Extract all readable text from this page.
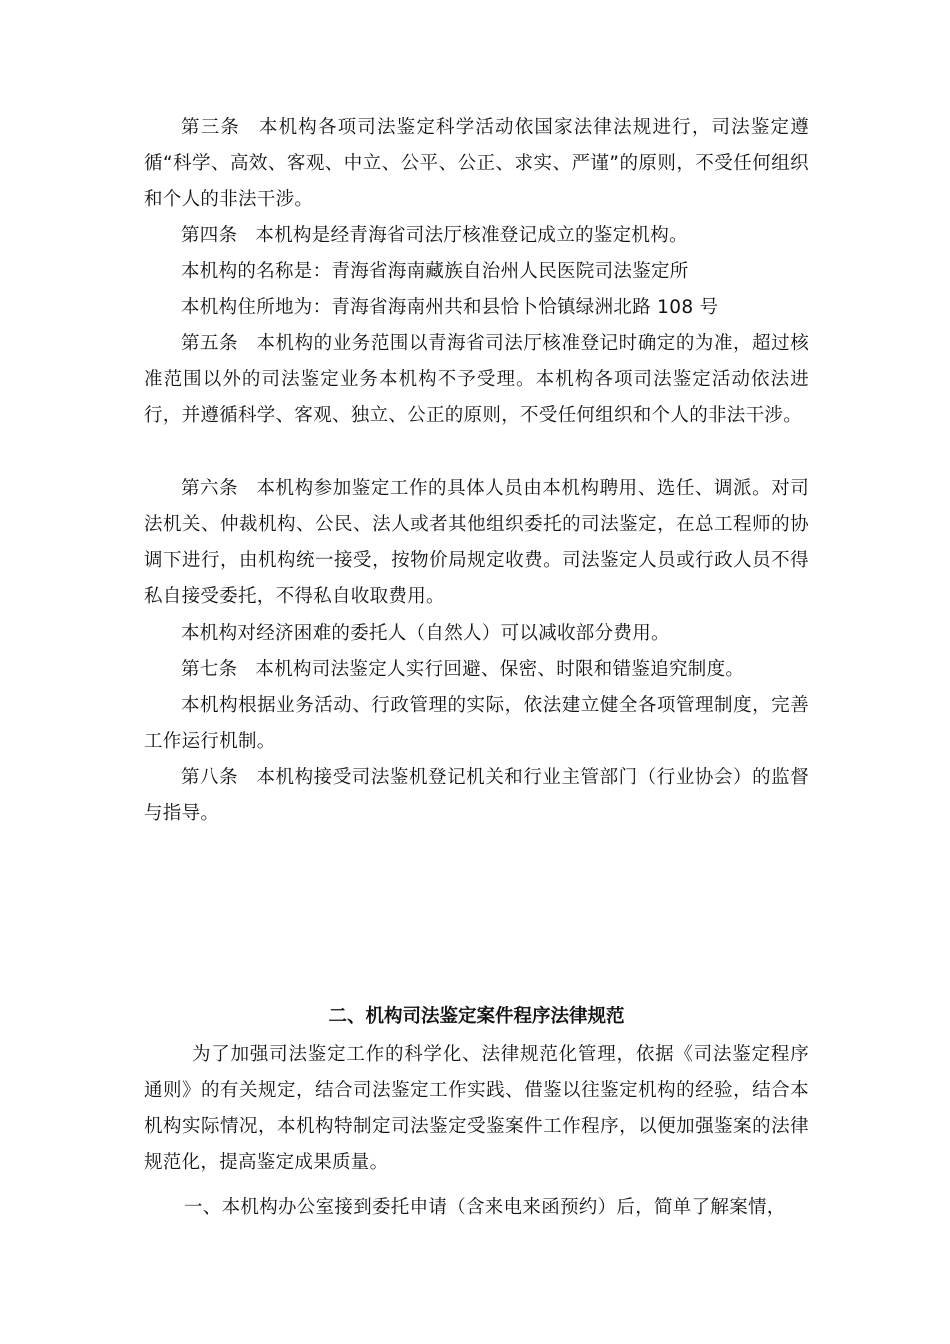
第三条 本机构各项司法鉴定科学活动依国家法律法规进行，司法鉴定遵循“科学、高效、客观、中立、公平、公正、求实、严谨”的原则，不受任何组织和个人的非法干涉。

第四条 本机构是经青海省司法厅核准登记成立的鉴定机构。

本机构的名称是：青海省海南藏族自治州人民医院司法鉴定所

本机构住所地为：青海省海南州共和县恰卜恰镇绿洲北路 108 号

第五条 本机构的业务范围以青海省司法厅核准登记时确定的为准，超过核准范围以外的司法鉴定业务本机构不予受理。本机构各项司法鉴定活动依法进行，并遵循科学、客观、独立、公正的原则，不受任何组织和个人的非法干涉。

第六条 本机构参加鉴定工作的具体人员由本机构聘用、选任、调派。对司法机关、仲裁机构、公民、法人或者其他组织委托的司法鉴定，在总工程师的协调下进行，由机构统一接受，按物价局规定收费。司法鉴定人员或行政人员不得私自接受委托，不得私自收取费用。

本机构对经济困难的委托人（自然人）可以减收部分费用。

第七条 本机构司法鉴定人实行回避、保密、时限和错鉴追究制度。

本机构根据业务活动、行政管理的实际，依法建立健全各项管理制度，完善工作运行机制。

第八条 本机构接受司法鉴机登记机关和行业主管部门（行业协会）的监督与指导。

二、机构司法鉴定案件程序法律规范

为了加强司法鉴定工作的科学化、法律规范化管理，依据《司法鉴定程序通则》的有关规定，结合司法鉴定工作实践、借鉴以往鉴定机构的经验，结合本机构实际情况，本机构特制定司法鉴定受鉴案件工作程序，以便加强鉴案的法律规范化，提高鉴定成果质量。

一、本机构办公室接到委托申请（含来电来函预约）后，简单了解案情，
